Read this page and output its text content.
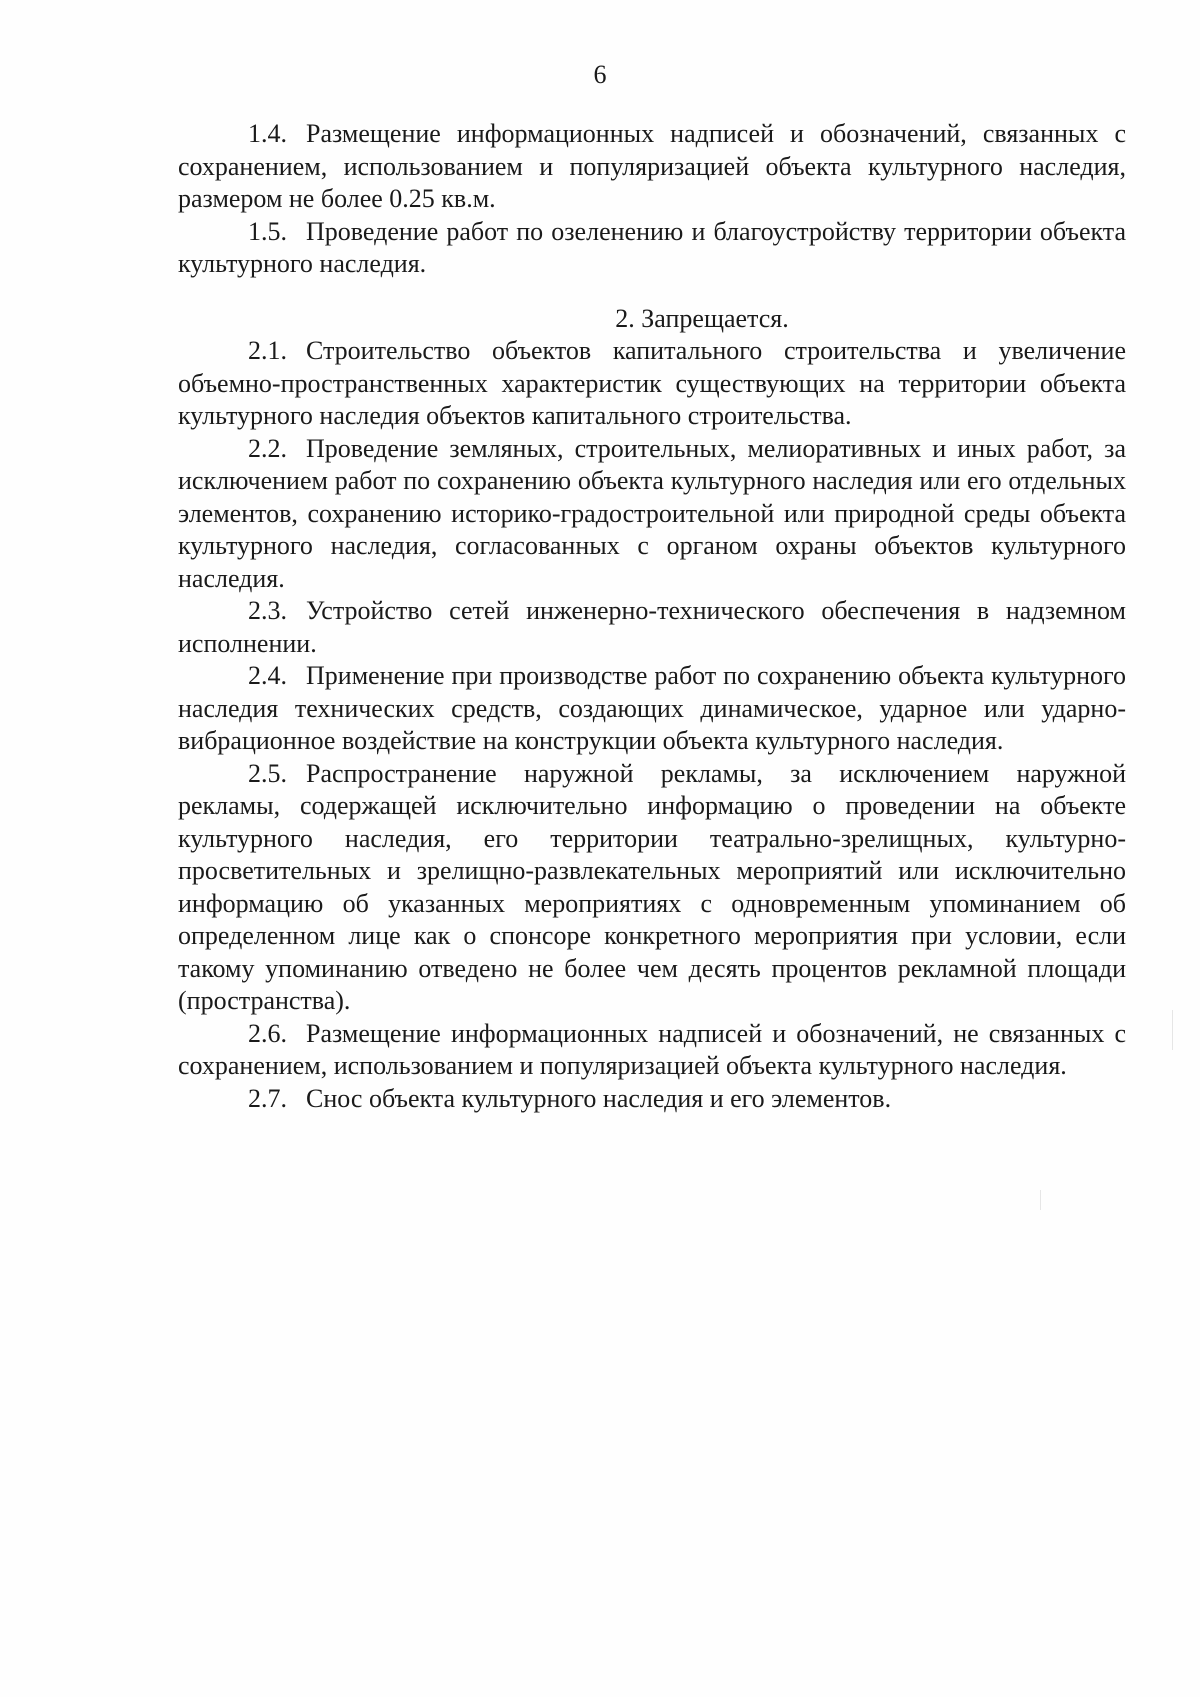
6

1.4. Размещение информационных надписей и обозначений, связанных с сохранением, использованием и популяризацией объекта культурного наследия, размером не более 0.25 кв.м.

1.5. Проведение работ по озеленению и благоустройству территории объекта культурного наследия.

2. Запрещается.

2.1. Строительство объектов капитального строительства и увеличение объемно-пространственных характеристик существующих на территории объекта культурного наследия объектов капитального строительства.

2.2. Проведение земляных, строительных, мелиоративных и иных работ, за исключением работ по сохранению объекта культурного наследия или его отдельных элементов, сохранению историко-градостроительной или природной среды объекта культурного наследия, согласованных с органом охраны объектов культурного наследия.

2.3. Устройство сетей инженерно-технического обеспечения в надземном исполнении.

2.4. Применение при производстве работ по сохранению объекта культурного наследия технических средств, создающих динамическое, ударное или ударно-вибрационное воздействие на конструкции объекта культурного наследия.

2.5. Распространение наружной рекламы, за исключением наружной рекламы, содержащей исключительно информацию о проведении на объекте культурного наследия, его территории театрально-зрелищных, культурно-просветительных и зрелищно-развлекательных мероприятий или исключительно информацию об указанных мероприятиях с одновременным упоминанием об определенном лице как о спонсоре конкретного мероприятия при условии, если такому упоминанию отведено не более чем десять процентов рекламной площади (пространства).

2.6. Размещение информационных надписей и обозначений, не связанных с сохранением, использованием и популяризацией объекта культурного наследия.

2.7. Снос объекта культурного наследия и его элементов.
